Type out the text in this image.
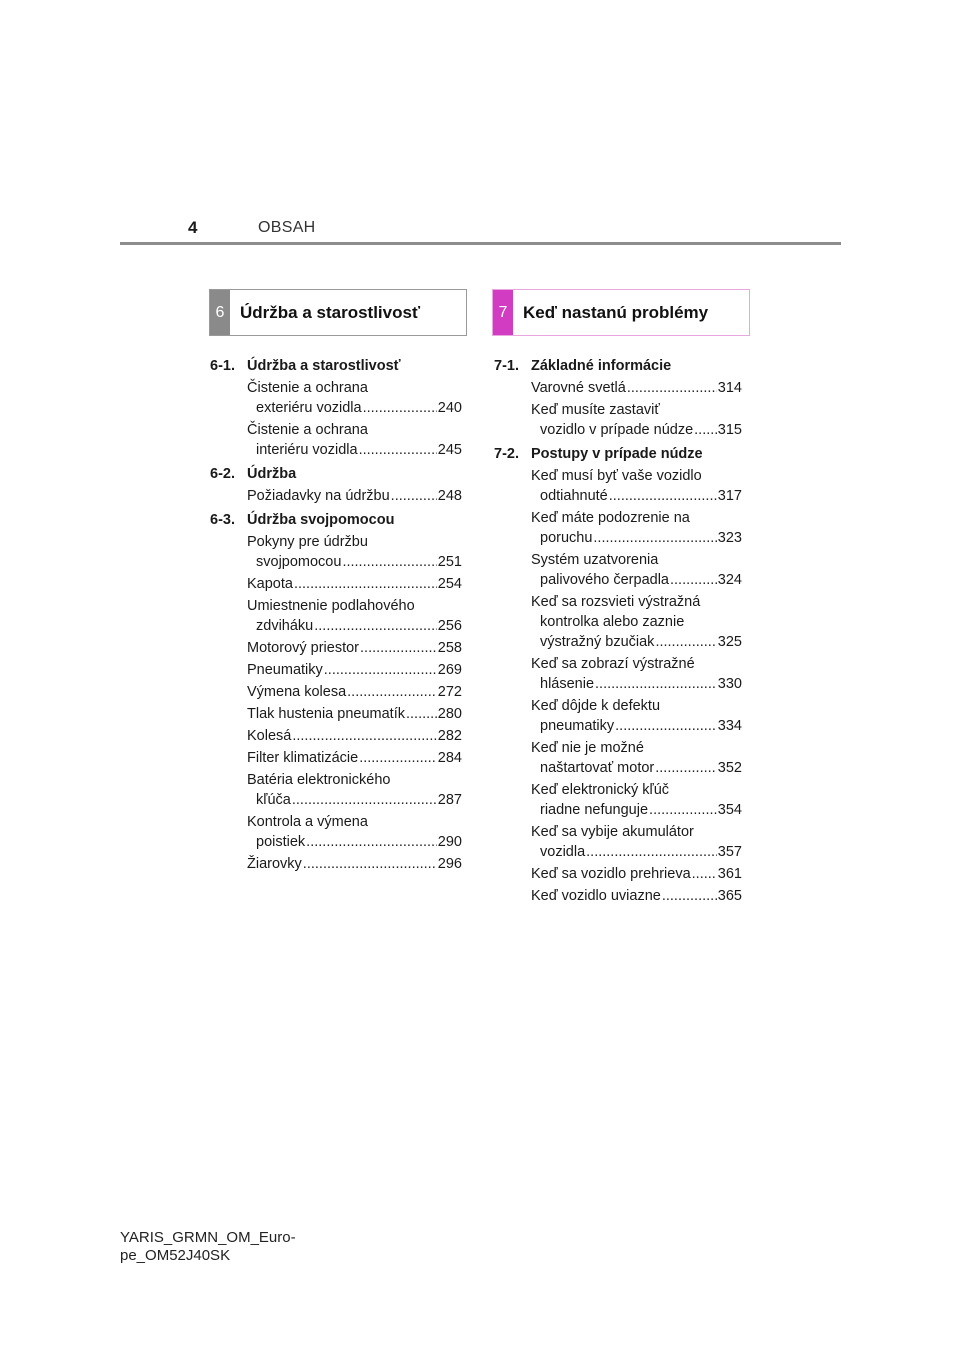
4	OBSAH
6 Údržba a starostlivosť	7 Keď nastanú problémy
6-1. Údržba a starostlivosť
Čistenie a ochrana
exteriéru vozidla .....	240
Čistenie a ochrana
interiéru vozidla .....	245
6-2. Údržba
Požiadavky na údržbu .....	248
6-3. Údržba svojpomocou
Pokyny pre údržbu
svojpomocou .....	251
Kapota .....	254
Umiestnenie podlahového
zdviháku .....	256
Motorový priestor .....	258
Pneumatiky .....	269
Výmena kolesa .....	272
Tlak hustenia pneumatík ..... 280
Kolesá .....	282
Filter klimatizácie .....	284
Batéria elektronického
kľúča .....	287
Kontrola a výmena
poistiek .....	290
Žiarovky .....	296
7-1. Základné informácie
Varovné svetlá .....	314
Keď musíte zastaviť
vozidlo v prípade núdze ..... 315
7-2. Postupy v prípade núdze
Keď musí byť vaše vozidlo
odtiahnuté .....	317
Keď máte podozrenie na
poruchu .....	323
Systém uzatvorenia
palivového čerpadla .....	324
Keď sa rozsvieti výstražná
kontrolka alebo zaznie
výstražný bzučiak .....	325
Keď sa zobrazí výstražné
hlásenie .....	330
Keď dôjde k defektu
pneumatiky .....	334
Keď nie je možné
naštartovať motor .....	352
Keď elektronický kľúč
riadne nefunguje .....	354
Keď sa vybije akumulátor
vozidla .....	357
Keď sa vozidlo prehrieva ..... 361
Keď vozidlo uviazne .....	365
YARIS_GRMN_OM_Euro-
pe_OM52J40SK
